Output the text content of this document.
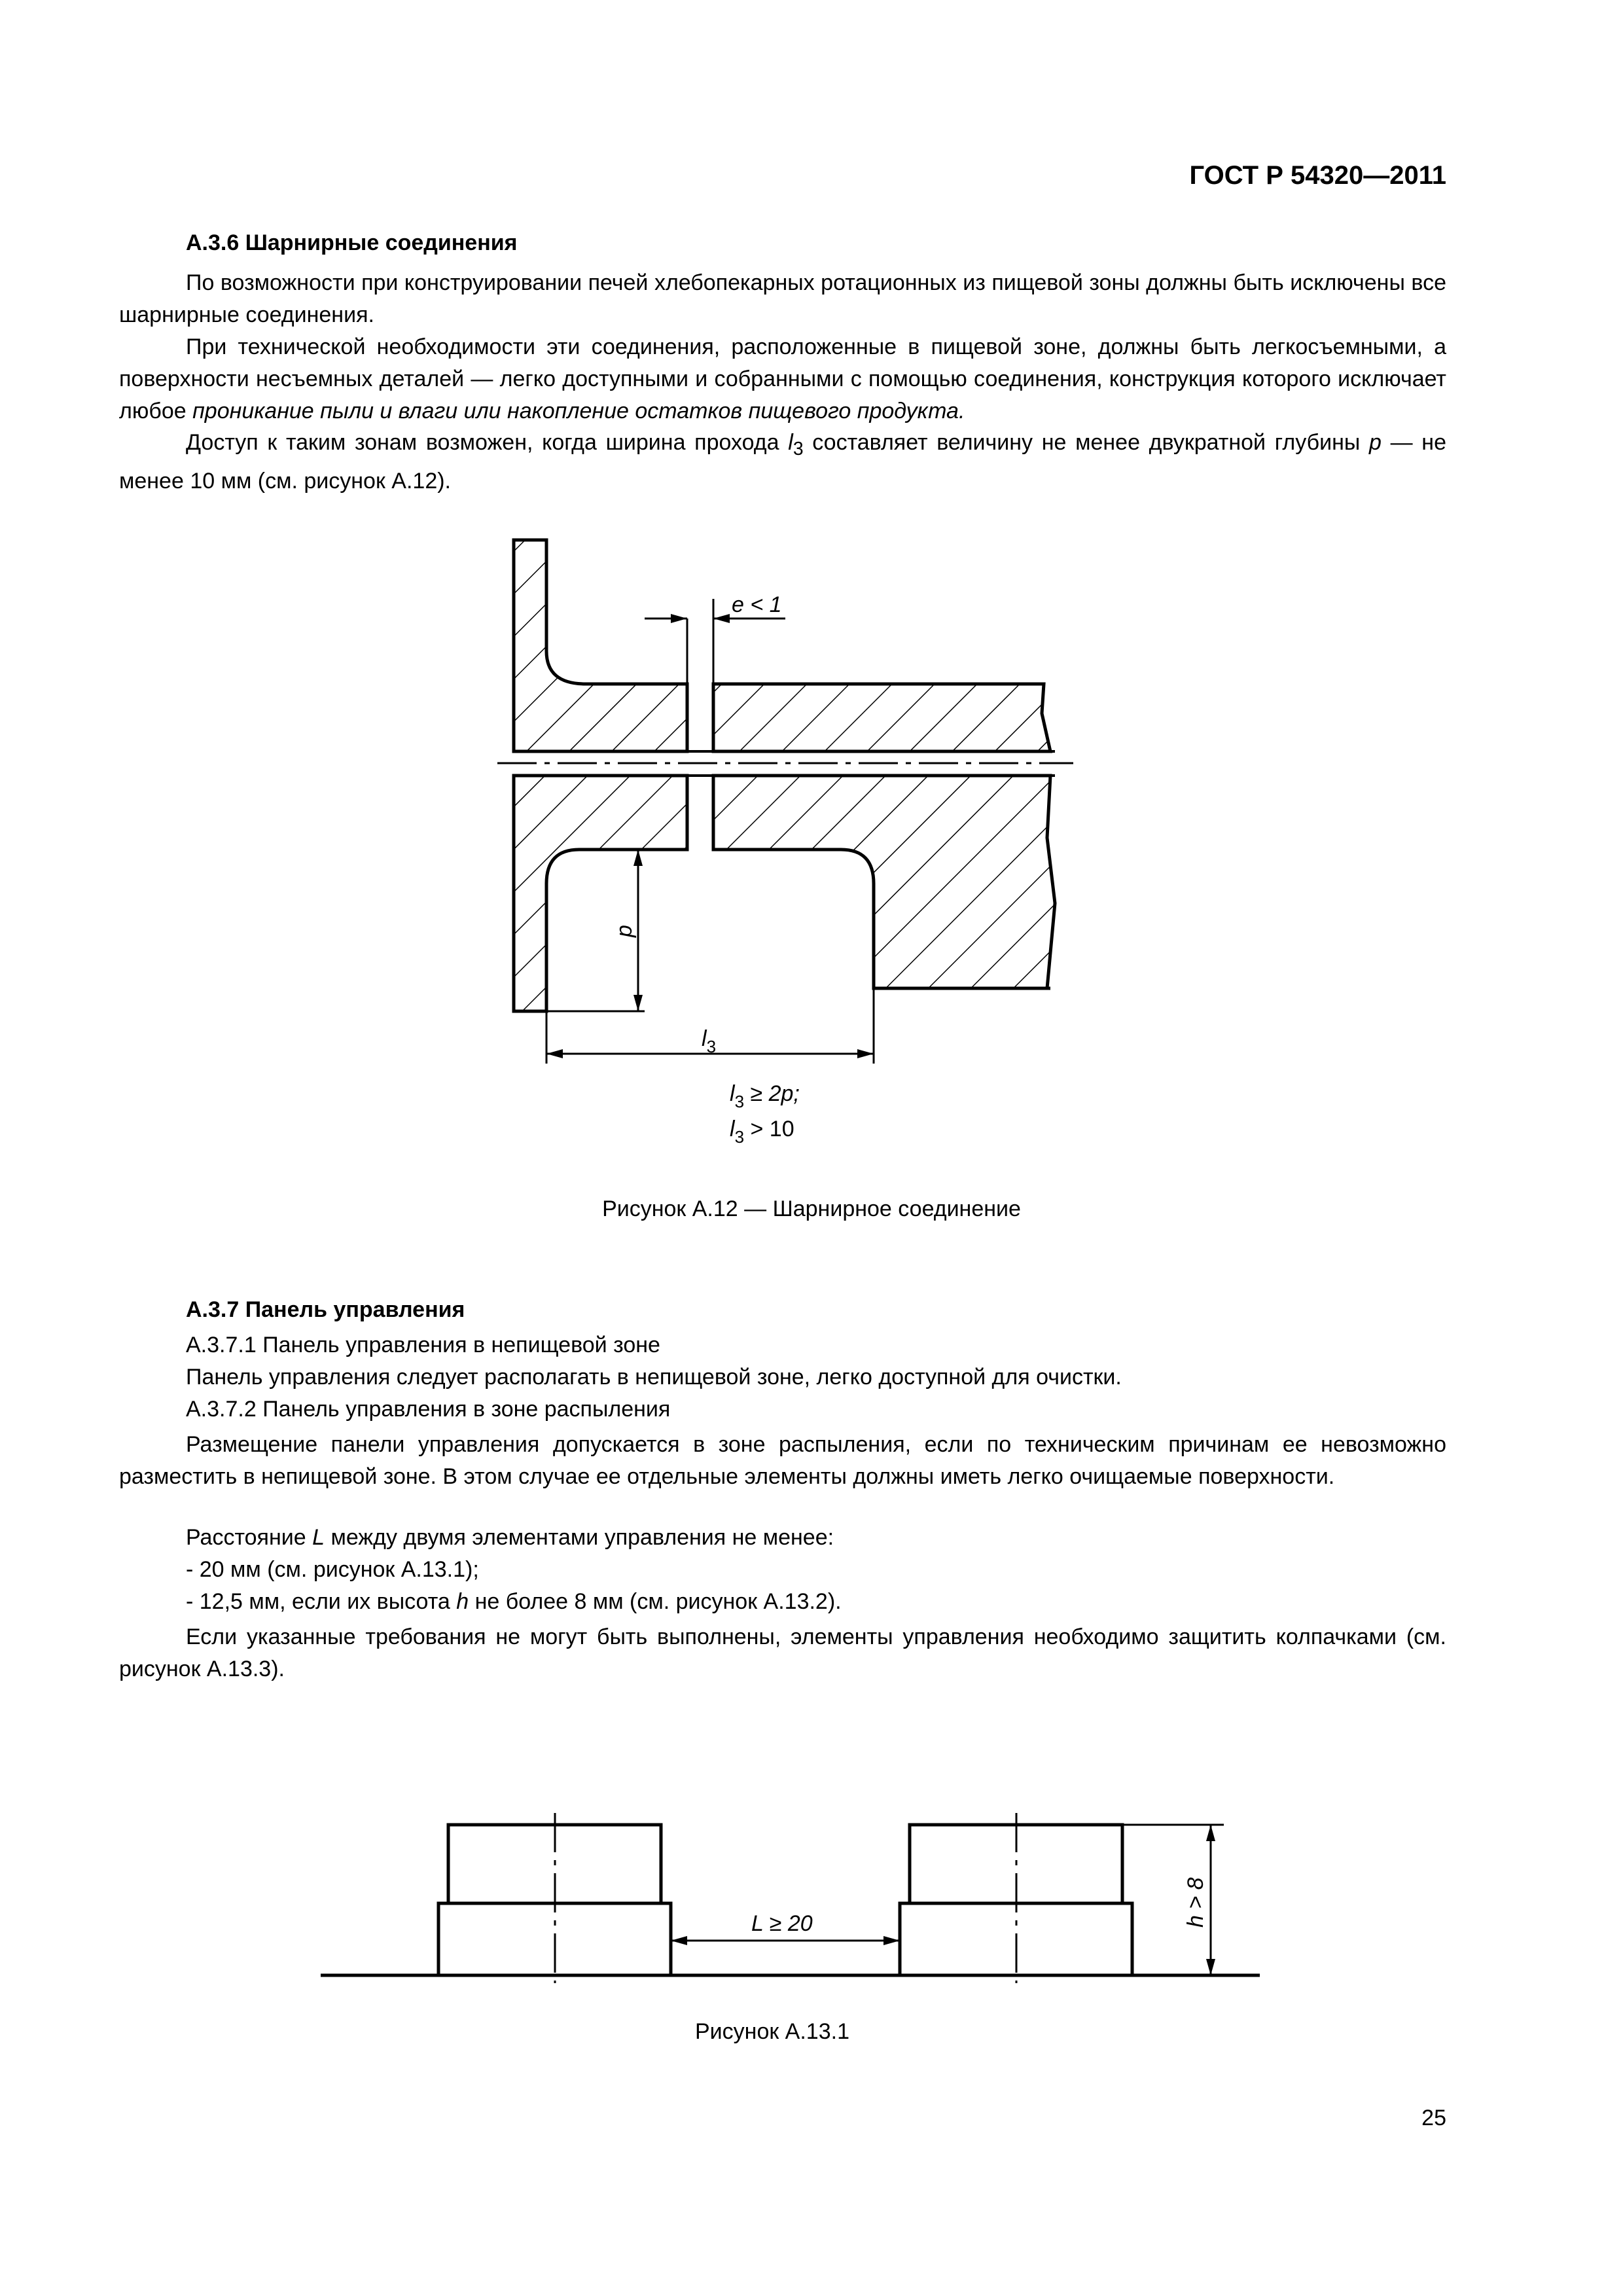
ГОСТ Р 54320—2011
А.3.6 Шарнирные соединения
По возможности при конструировании печей хлебопекарных ротационных из пищевой зоны должны быть исключены все шарнирные соединения.
При технической необходимости эти соединения, расположенные в пищевой зоне, должны быть легкосъемными, а поверхности несъемных деталей — легко доступными и собранными с помощью соединения, конструкция которого исключает любое проникание пыли и влаги или накопление остатков пищевого продукта.
Доступ к таким зонам возможен, когда ширина прохода $l_3$ составляет величину не менее двукратной глубины p — не менее 10 мм (см. рисунок А.12).
e < 1
p
$l_3$
$l_3 \ge 2p$;
$l_3 > 10$
Рисунок А.12 — Шарнирное соединение
А.3.7 Панель управления
А.3.7.1 Панель управления в непищевой зоне
Панель управления следует располагать в непищевой зоне, легко доступной для очистки.
А.3.7.2 Панель управления в зоне распыления
Размещение панели управления допускается в зоне распыления, если по техническим причинам ее невозможно разместить в непищевой зоне. В этом случае ее отдельные элементы должны иметь легко очищаемые поверхности.
Расстояние L между двумя элементами управления не менее:
- 20 мм (см. рисунок А.13.1);
- 12,5 мм, если их высота h не более 8 мм (см. рисунок А.13.2).
Если указанные требования не могут быть выполнены, элементы управления необходимо защитить колпачками (см. рисунок А.13.3).
L ≥ 20	h > 8
Рисунок А.13.1
25
